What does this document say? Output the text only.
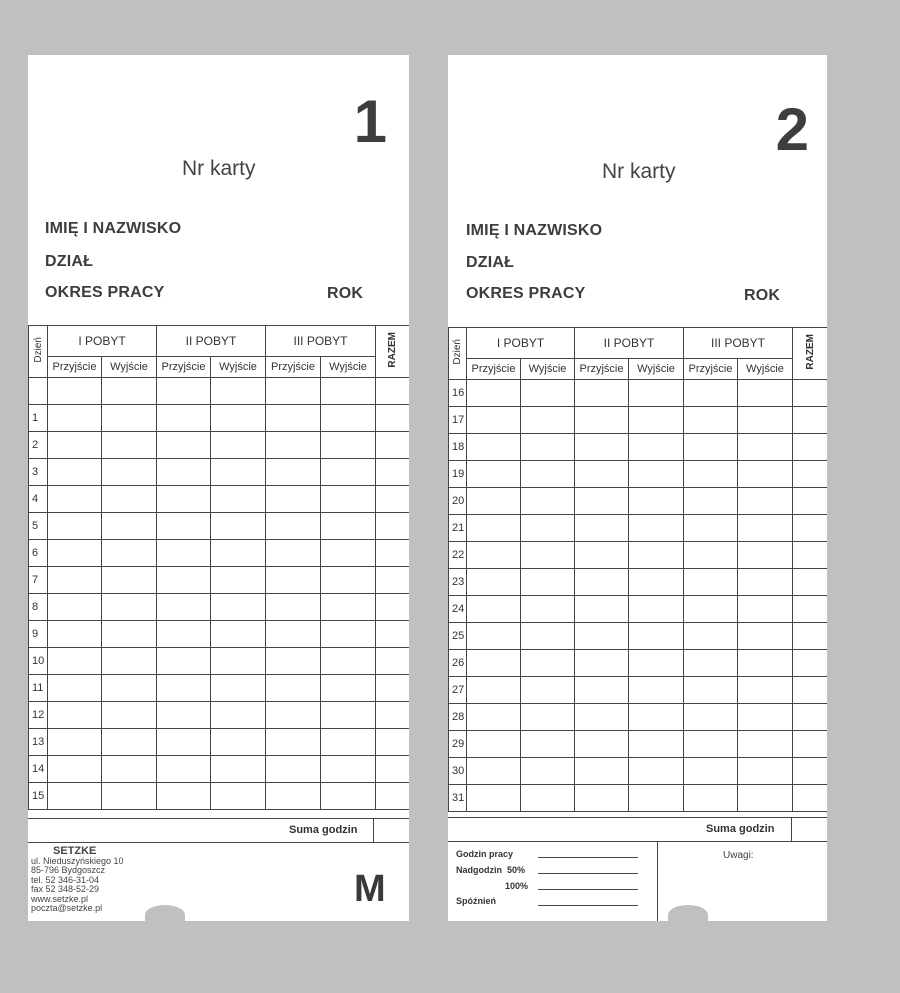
1
Nr karty
IMIĘ I NAZWISKO
DZIAŁ
OKRES PRACY	ROK
Dzień	I POBYT		II POBYT		III POBYT		RAZEM
	Przyjście	Wyjście	Przyjście	Wyjście	Przyjście	Wyjście	

1							
2							
3							
4							
5							
6							
7							
8							
9							
10							
11							
12							
13							
14							
15							
Suma godzin
SETZKE
ul. Nieduszyńskiego 10
85-796 Bydgoszcz
tel. 52 346-31-04
fax 52 348-52-29
www.setzke.pl
poczta@setzke.pl	M
2
Nr karty
IMIĘ I NAZWISKO
DZIAŁ
OKRES PRACY	ROK
Dzień	I POBYT		II POBYT		III POBYT		RAZEM
	Przyjście	Wyjście	Przyjście	Wyjście	Przyjście	Wyjście	
16							
17							
18							
19							
20							
21							
22							
23							
24							
25							
26							
27							
28							
29							
30							
31							
Suma godzin
Godzin pracy
Nadgodzin  50%
100%
Spóźnień
Uwagi:
